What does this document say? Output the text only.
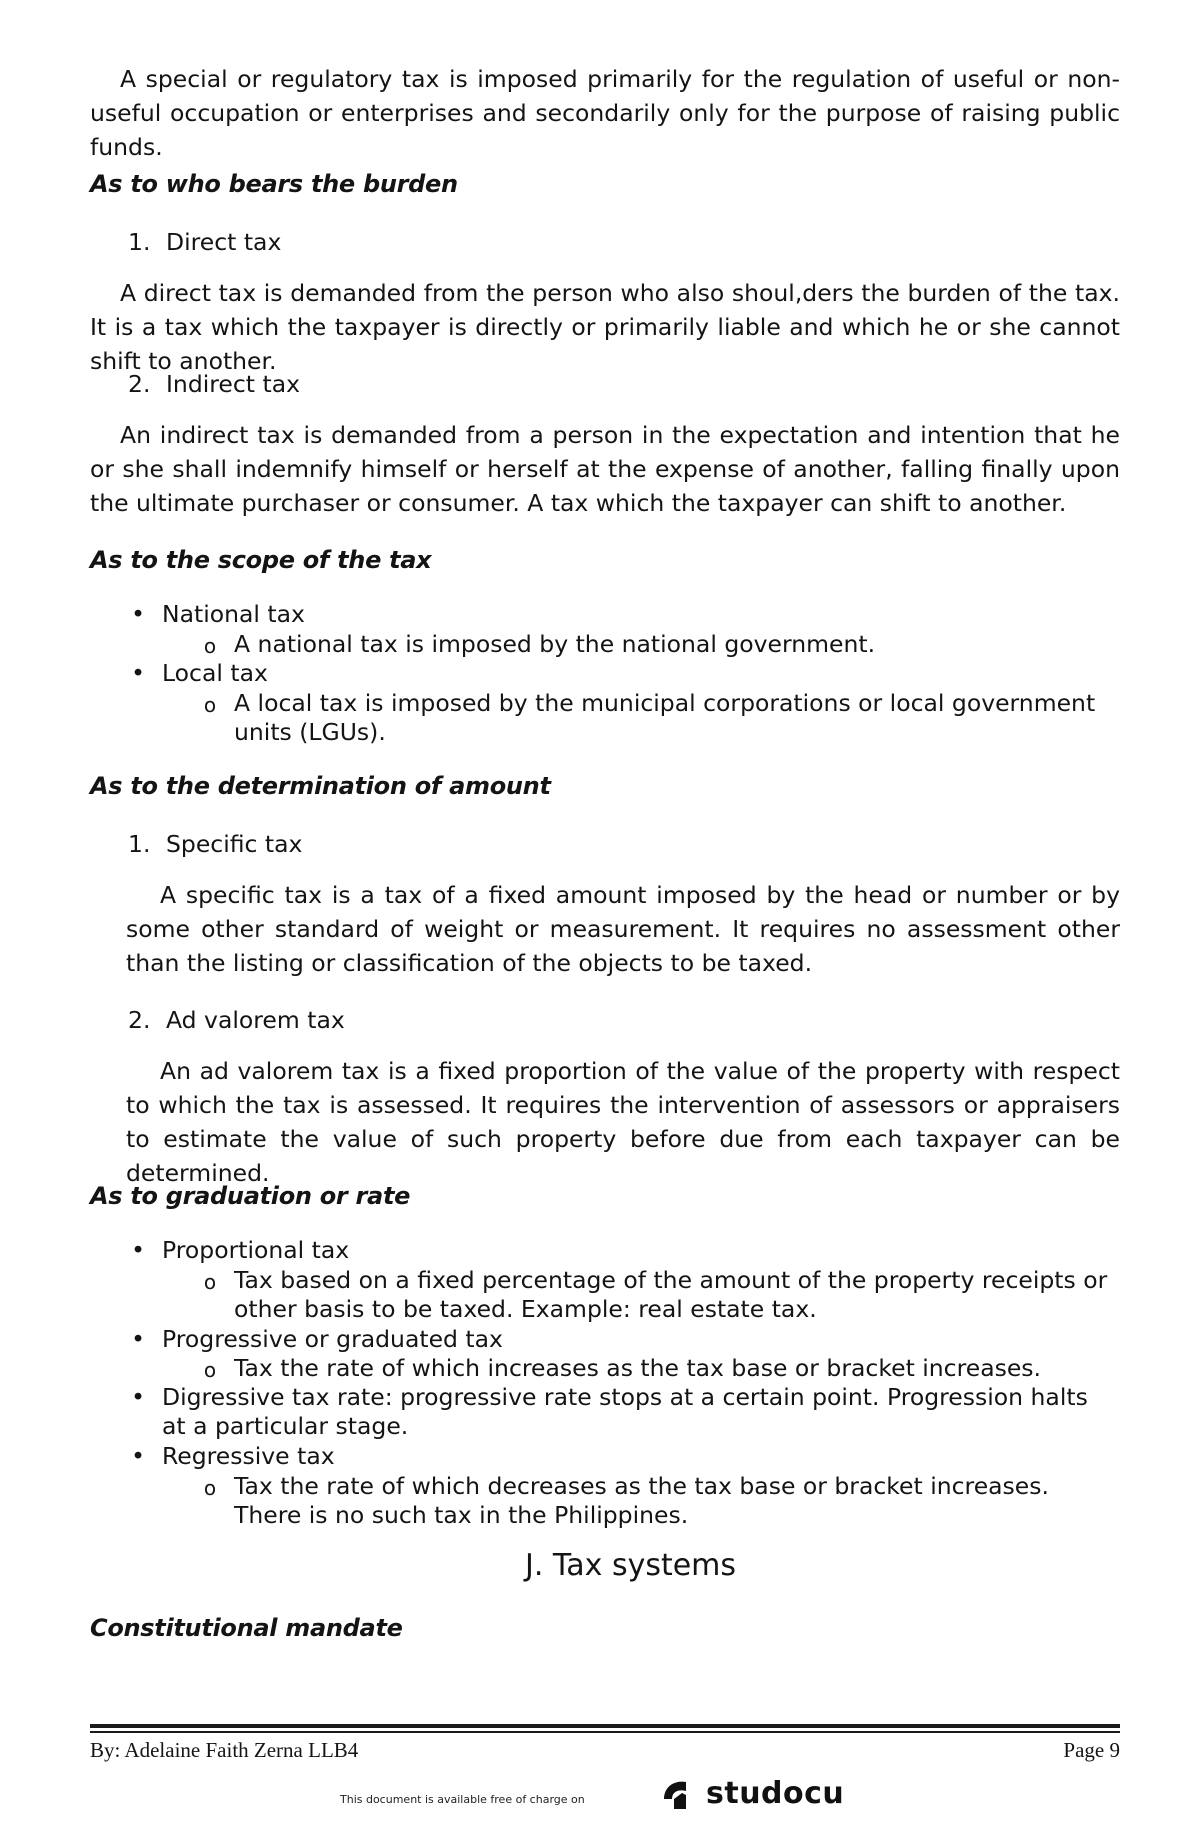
A special or regulatory tax is imposed primarily for the regulation of useful or non-useful occupation or enterprises and secondarily only for the purpose of raising public funds.

As to who bears the burden

1. Direct tax

A direct tax is demanded from the person who also shoul,ders the burden of the tax. It is a tax which the taxpayer is directly or primarily liable and which he or she cannot shift to another.

2. Indirect tax

An indirect tax is demanded from a person in the expectation and intention that he or she shall indemnify himself or herself at the expense of another, falling finally upon the ultimate purchaser or consumer. A tax which the taxpayer can shift to another.

As to the scope of the tax

• National tax

o A national tax is imposed by the national government.

• Local tax

o A local tax is imposed by the municipal corporations or local government units (LGUs).

As to the determination of amount

1. Specific tax

A specific tax is a tax of a fixed amount imposed by the head or number or by some other standard of weight or measurement. It requires no assessment other than the listing or classification of the objects to be taxed.

2. Ad valorem tax

An ad valorem tax is a fixed proportion of the value of the property with respect to which the tax is assessed. It requires the intervention of assessors or appraisers to estimate the value of such property before due from each taxpayer can be determined.

As to graduation or rate

• Proportional tax

o Tax based on a fixed percentage of the amount of the property receipts or other basis to be taxed. Example: real estate tax.

• Progressive or graduated tax

o Tax the rate of which increases as the tax base or bracket increases.

• Digressive tax rate: progressive rate stops at a certain point. Progression halts at a particular stage.

• Regressive tax

o Tax the rate of which decreases as the tax base or bracket increases. There is no such tax in the Philippines.

J. Tax systems

Constitutional mandate

By: Adelaine Faith Zerna LLB4	Page 9

This document is available free of charge on	studocu
